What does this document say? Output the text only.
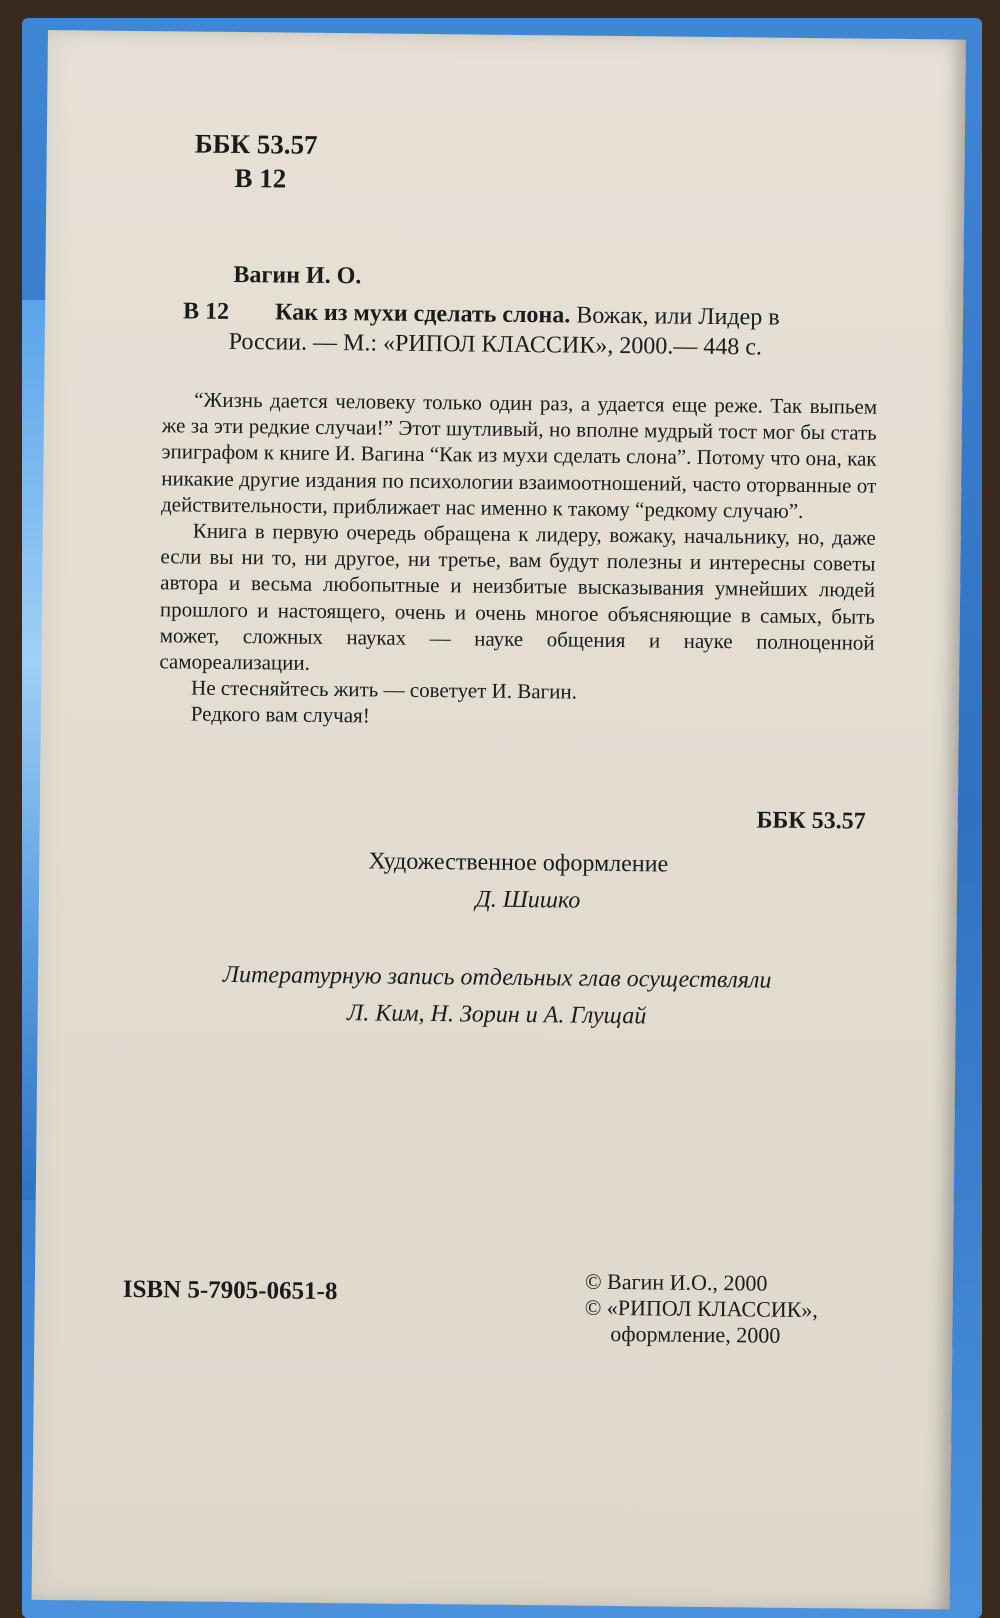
​
ББК 53.57
В 12
Вагин И. О.
В 12	Как из мухи сделать слона. Вожак, или Лидер в
России. — М.: «РИПОЛ КЛАССИК», 2000.— 448 с.

“Жизнь дается человеку только один раз, а удается еще реже. Так выпьем же за эти редкие случаи!” Этот шутливый, но вполне мудрый тост мог бы стать эпиграфом к книге И. Вагина “Как из мухи сделать слона”. Потому что она, как никакие другие издания по психологии взаимоотношений, часто оторванные от действительности, приближает нас именно к такому “редкому случаю”.

Книга в первую очередь обращена к лидеру, вожаку, начальнику, но, даже если вы ни то, ни другое, ни третье, вам будут полезны и интересны советы автора и весьма любопытные и неизбитые высказывания умнейших людей прошлого и настоящего, очень и очень многое объясняющие в самых, быть может, сложных науках — науке общения и науке полноценной самореализации.

Не стесняйтесь жить — советует И. Вагин.

Редкого вам случая!

ББК 53.57
Художественное оформление
Д. Шишко
Литературную запись отдельных глав осуществляли
Л. Ким, Н. Зорин и А. Глущай
ISBN 5-7905-0651-8	© Вагин И.О., 2000
© «РИПОЛ КЛАССИК»,
оформление, 2000
